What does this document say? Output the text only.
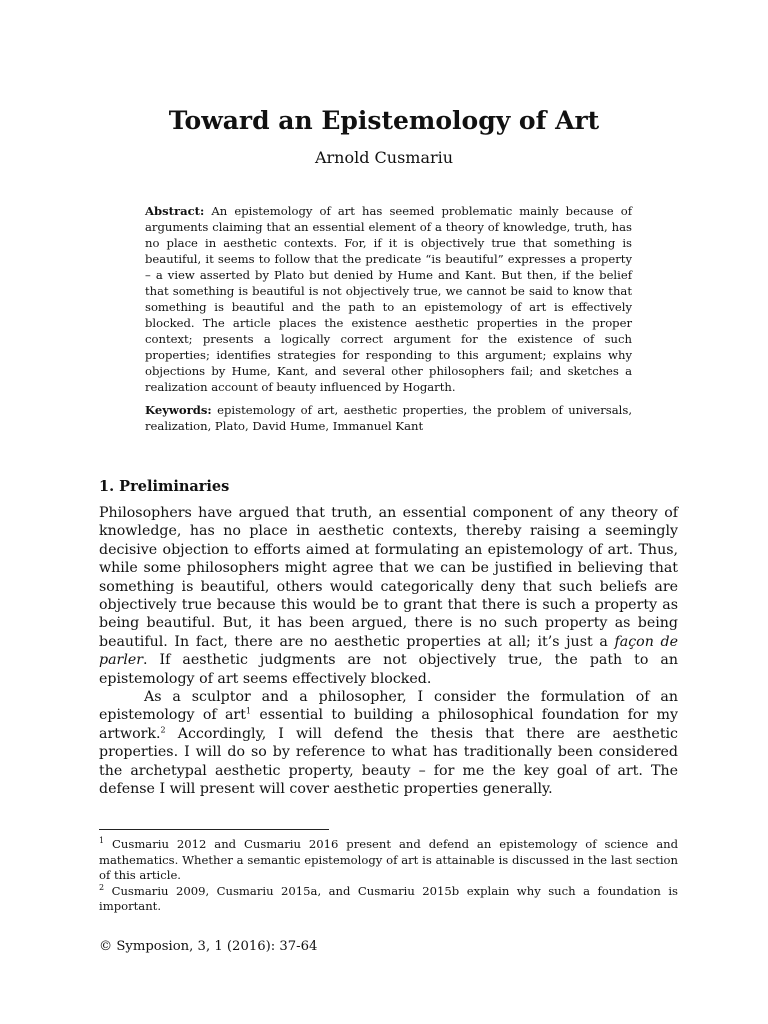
Toward an Epistemology of Art

Arnold Cusmariu

Abstract: An epistemology of art has seemed problematic mainly because of arguments claiming that an essential element of a theory of knowledge, truth, has no place in aesthetic contexts. For, if it is objectively true that something is beautiful, it seems to follow that the predicate “is beautiful” expresses a property – a view asserted by Plato but denied by Hume and Kant. But then, if the belief that something is beautiful is not objectively true, we cannot be said to know that something is beautiful and the path to an epistemology of art is effectively blocked. The article places the existence aesthetic properties in the proper context; presents a logically correct argument for the existence of such properties; identifies strategies for responding to this argument; explains why objections by Hume, Kant, and several other philosophers fail; and sketches a realization account of beauty influenced by Hogarth.

Keywords: epistemology of art, aesthetic properties, the problem of universals, realization, Plato, David Hume, Immanuel Kant

1. Preliminaries

Philosophers have argued that truth, an essential component of any theory of knowledge, has no place in aesthetic contexts, thereby raising a seemingly decisive objection to efforts aimed at formulating an epistemology of art. Thus, while some philosophers might agree that we can be justified in believing that something is beautiful, others would categorically deny that such beliefs are objectively true because this would be to grant that there is such a property as being beautiful. But, it has been argued, there is no such property as being beautiful. In fact, there are no aesthetic properties at all; it’s just a façon de parler. If aesthetic judgments are not objectively true, the path to an epistemology of art seems effectively blocked.

As a sculptor and a philosopher, I consider the formulation of an epistemology of art$^1$ essential to building a philosophical foundation for my artwork.$^2$ Accordingly, I will defend the thesis that there are aesthetic properties. I will do so by reference to what has traditionally been considered the archetypal aesthetic property, beauty – for me the key goal of art. The defense I will present will cover aesthetic properties generally.

$^1$ Cusmariu 2012 and Cusmariu 2016 present and defend an epistemology of science and mathematics. Whether a semantic epistemology of art is attainable is discussed in the last section of this article.

$^2$ Cusmariu 2009, Cusmariu 2015a, and Cusmariu 2015b explain why such a foundation is important.

© Symposion, 3, 1 (2016): 37-64
